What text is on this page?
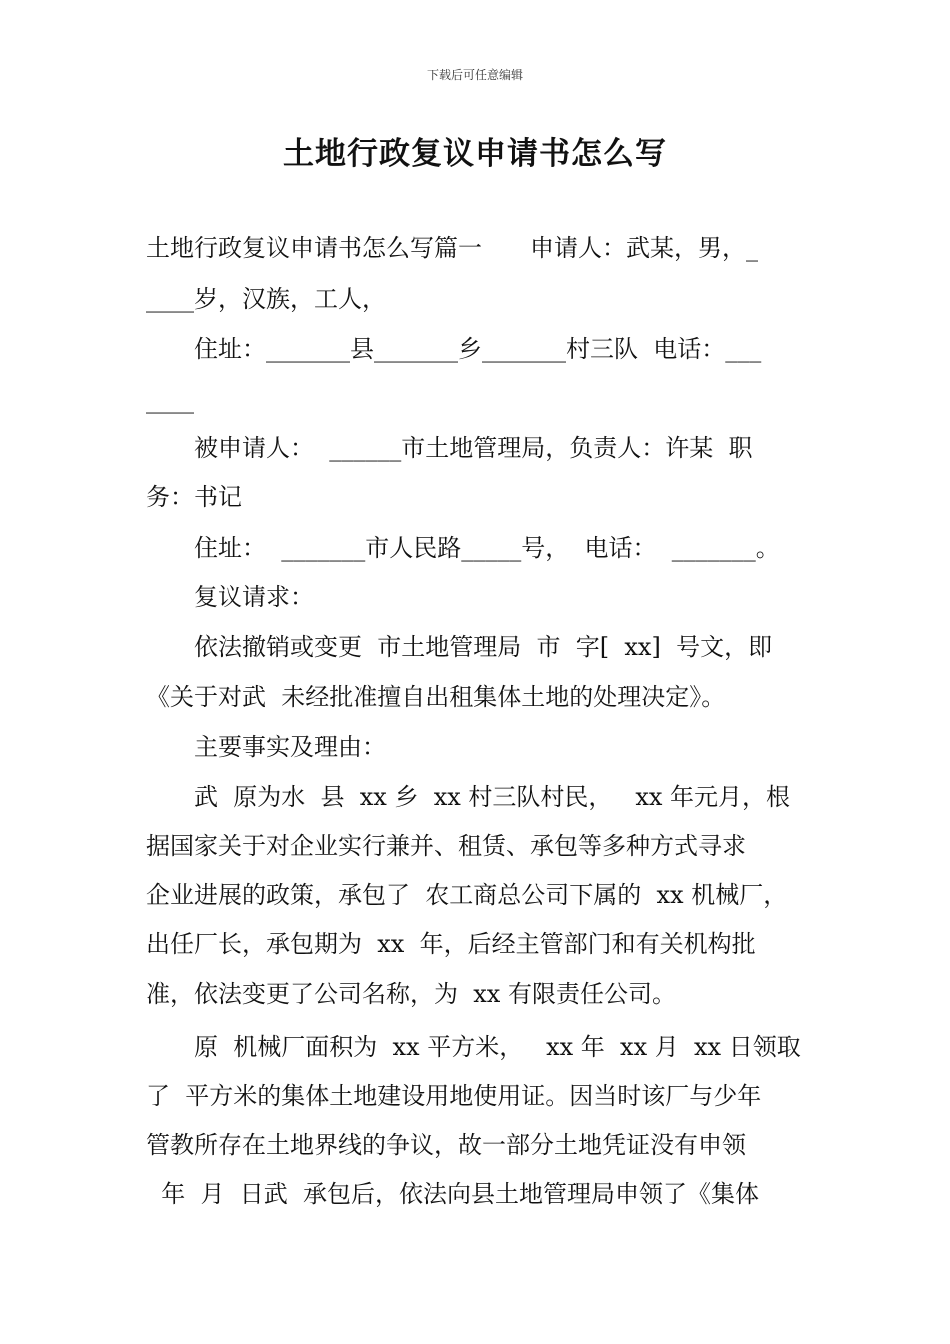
下载后可任意编辑
土地行政复议申请书怎么写
土地行政复议申请书怎么写篇一　　申请人：武某，男，_
____岁，汉族，工人，
　　住址：_______县_______乡_______村三队  电话：___
____
　　被申请人：  ______市土地管理局，负责人：许某  职
务：书记
　　住址：  _______市人民路_____号，  电话：  _______。
　　复议请求：
　　依法撤销或变更  市土地管理局  市  字[  xx]  号文，即
《关于对武  未经批准擅自出租集体土地的处理决定》。
　　主要事实及理由：
　　武  原为水  县  xx 乡  xx 村三队村民，   xx 年元月，根
据国家关于对企业实行兼并、租赁、承包等多种方式寻求
企业进展的政策，承包了  农工商总公司下属的  xx 机械厂，
出任厂长，承包期为  xx  年，后经主管部门和有关机构批
准，依法变更了公司名称，为  xx 有限责任公司。
　　原  机械厂面积为  xx 平方米，   xx 年  xx 月  xx 日领取
了  平方米的集体土地建设用地使用证。因当时该厂与少年
管教所存在土地界线的争议，故一部分土地凭证没有申领
年  月  日武  承包后，依法向县土地管理局申领了《集体
